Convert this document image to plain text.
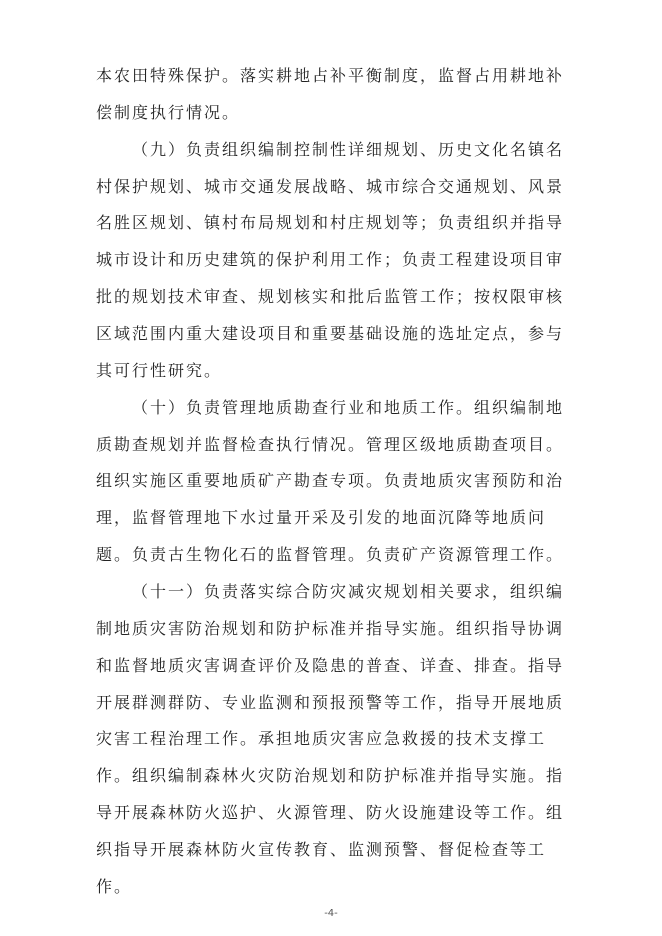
本农田特殊保护。落实耕地占补平衡制度，监督占用耕地补
偿制度执行情况。
（九）负责组织编制控制性详细规划、历史文化名镇名
村保护规划、城市交通发展战略、城市综合交通规划、风景
名胜区规划、镇村布局规划和村庄规划等；负责组织并指导
城市设计和历史建筑的保护利用工作；负责工程建设项目审
批的规划技术审查、规划核实和批后监管工作；按权限审核
区域范围内重大建设项目和重要基础设施的选址定点，参与
其可行性研究。
（十）负责管理地质勘查行业和地质工作。组织编制地
质勘查规划并监督检查执行情况。管理区级地质勘查项目。
组织实施区重要地质矿产勘查专项。负责地质灾害预防和治
理，监督管理地下水过量开采及引发的地面沉降等地质问
题。负责古生物化石的监督管理。负责矿产资源管理工作。
（十一）负责落实综合防灾减灾规划相关要求，组织编
制地质灾害防治规划和防护标准并指导实施。组织指导协调
和监督地质灾害调查评价及隐患的普查、详查、排查。指导
开展群测群防、专业监测和预报预警等工作，指导开展地质
灾害工程治理工作。承担地质灾害应急救援的技术支撑工
作。组织编制森林火灾防治规划和防护标准并指导实施。指
导开展森林防火巡护、火源管理、防火设施建设等工作。组
织指导开展森林防火宣传教育、监测预警、督促检查等工
作。
-4-
